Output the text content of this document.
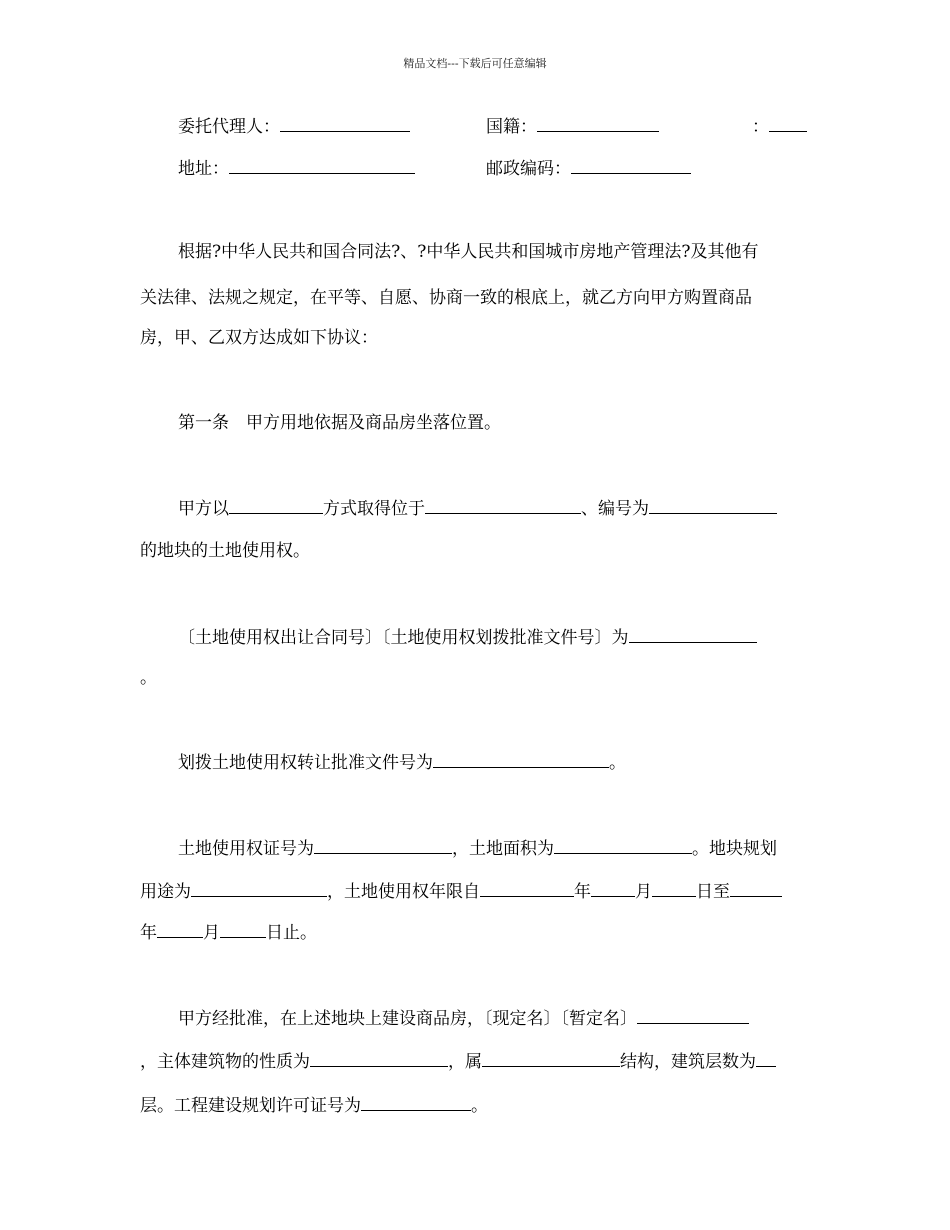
精品文档---下载后可任意编辑
委托代理人：	国籍：	：
地址：	邮政编码：
根据?中华人民共和国合同法?、?中华人民共和国城市房地产管理法?及其他有
关法律、法规之规定，在平等、自愿、协商一致的根底上，就乙方向甲方购置商品
房，甲、乙双方达成如下协议：
第一条　甲方用地依据及商品房坐落位置。
甲方以	方式取得位于	、编号为
的地块的土地使用权。
〔土地使用权出让合同号〕〔土地使用权划拨批准文件号〕为
。
划拨土地使用权转让批准文件号为	。
土地使用权证号为	，土地面积为	。地块规划
用途为	，土地使用权年限自	年	月	日至
年	月	日止。
甲方经批准，在上述地块上建设商品房，〔现定名〕〔暂定名〕
，主体建筑物的性质为	，属	结构，建筑层数为
层。工程建设规划许可证号为	。
